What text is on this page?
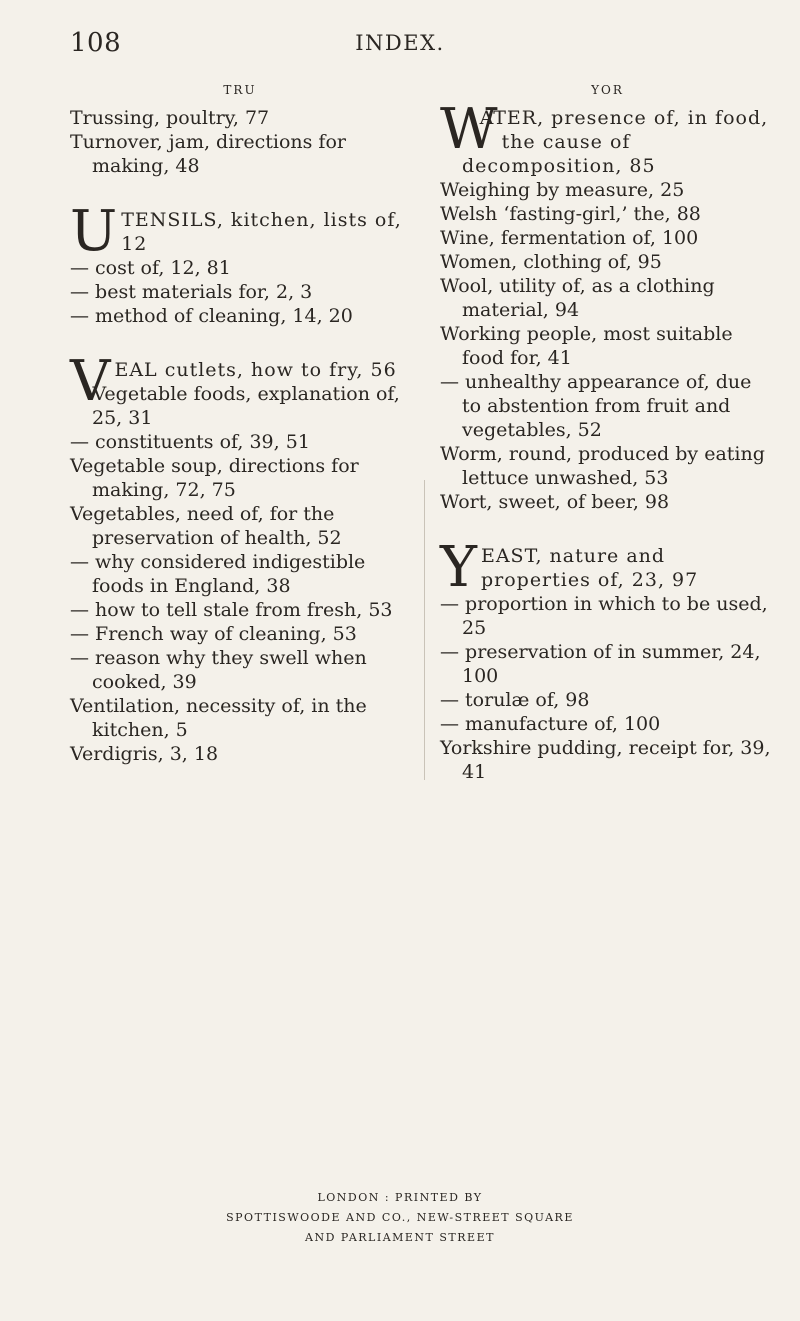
108	INDEX.
TRU

Trussing, poultry, 77

Turnover, jam, directions for making, 48

UTENSILS, kitchen, lists of, 12

— cost of, 12, 81

— best materials for, 2, 3

— method of cleaning, 14, 20

VEAL cutlets, how to fry, 56

Vegetable foods, explanation of, 25, 31

— constituents of, 39, 51

Vegetable soup, directions for making, 72, 75

Vegetables, need of, for the preservation of health, 52

— why considered indigestible foods in England, 38

— how to tell stale from fresh, 53

— French way of cleaning, 53

— reason why they swell when cooked, 39

Ventilation, necessity of, in the kitchen, 5

Verdigris, 3, 18

YOR

W
ATER, presence of, in food, the cause of decomposition, 85

Weighing by measure, 25

Welsh ‘fasting-girl,’ the, 88

Wine, fermentation of, 100

Women, clothing of, 95

Wool, utility of, as a clothing material, 94

Working people, most suitable food for, 41

— unhealthy appearance of, due to abstention from fruit and vegetables, 52

Worm, round, produced by eating lettuce unwashed, 53

Wort, sweet, of beer, 98

YEAST, nature and properties of, 23, 97

— proportion in which to be used, 25

— preservation of in summer, 24, 100

— torulæ of, 98

— manufacture of, 100

Yorkshire pudding, receipt for, 39, 41

LONDON : PRINTED BY
SPOTTISWOODE AND CO., NEW-STREET SQUARE
AND PARLIAMENT STREET
